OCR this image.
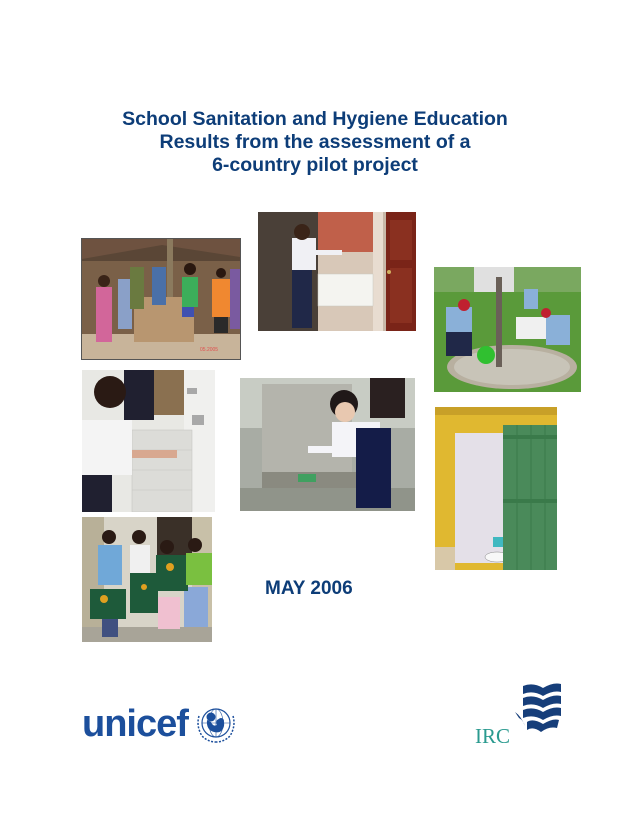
School Sanitation and Hygiene Education
Results from the assessment of a
6-country pilot project
05.2005
MAY 2006
unicef	IRC
